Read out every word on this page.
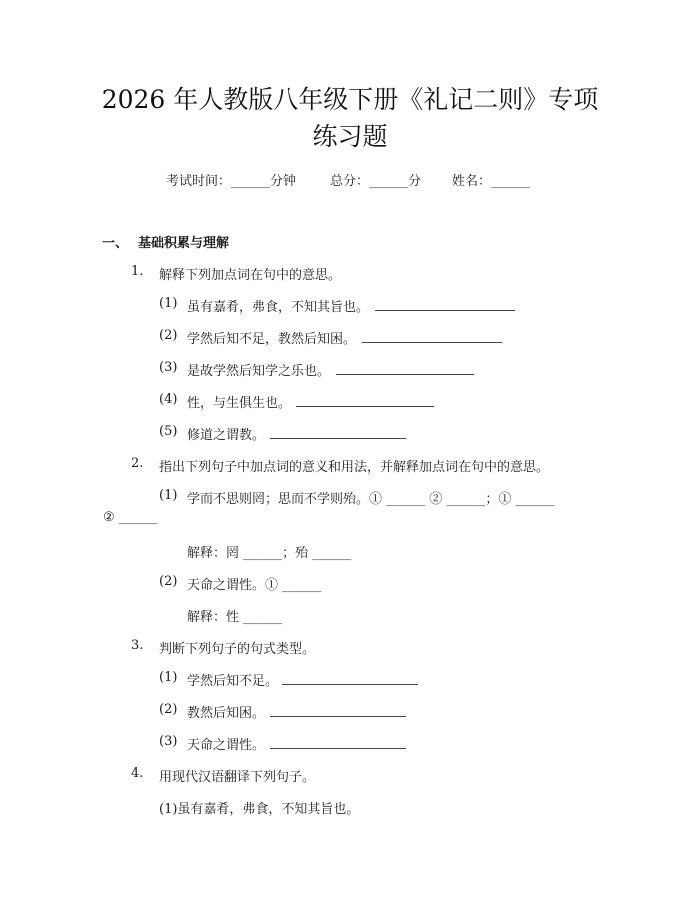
2026 年人教版八年级下册《礼记二则》专项
练习题
考试时间：______分钟	总分：______分 姓名：______
一、 基础积累与理解
1. 解释下列加点词在句中的意思。
(1) 虽有嘉肴，弗食，不知其旨也。
(2) 学然后知不足，教然后知困。
(3) 是故学然后知学之乐也。
(4) 性，与生俱生也。
(5) 修道之谓教。
2. 指出下列句子中加点词的意义和用法，并解释加点词在句中的意思。
(1) 学而不思则罔；思而不学则殆。① ______ ② ______；① ______
② ______
解释：罔 ______；殆 ______
(2) 天命之谓性。① ______
解释：性 ______
3. 判断下列句子的句式类型。
(1) 学然后知不足。
(2) 教然后知困。
(3) 天命之谓性。
4. 用现代汉语翻译下列句子。
(1)虽有嘉肴，弗食，不知其旨也。
